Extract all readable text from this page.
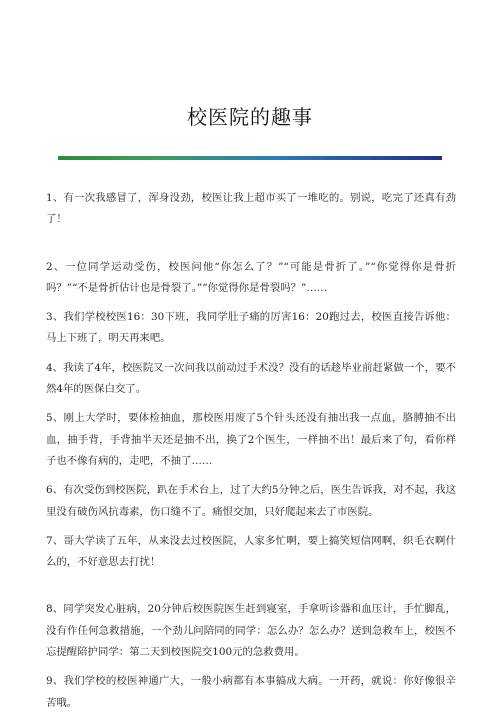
校医院的趣事

1、有一次我感冒了，浑身没劲，校医让我上超市买了一堆吃的。别说，吃完了还真有劲了！

2、一位同学运动受伤，校医问他“你怎么了？”“可能是骨折了。”“你觉得你是骨折吗？”“不是骨折估计也是骨裂了。”“你觉得你是骨裂吗？”……

3、我们学校校医16：30下班，我同学肚子痛的厉害16：20跑过去，校医直接告诉他：马上下班了，明天再来吧。

4、我读了4年，校医院又一次问我以前动过手术没？没有的话趁毕业前赶紧做一个，要不然4年的医保白交了。

5、刚上大学时，要体检抽血，那校医用废了5个针头还没有抽出我一点血，胳膊抽不出血，抽手背，手背抽半天还是抽不出，换了2个医生，一样抽不出！最后来了句，看你样子也不像有病的，走吧，不抽了……

6、有次受伤到校医院，趴在手术台上，过了大约5分钟之后，医生告诉我，对不起，我这里没有破伤风抗毒素，伤口缝不了。痛恨交加，只好爬起来去了市医院。

7、哥大学读了五年，从来没去过校医院，人家多忙啊，要上搞笑短信网啊，织毛衣啊什么的，不好意思去打扰！

8、同学突发心脏病，20分钟后校医院医生赶到寝室，手拿听诊器和血压计，手忙脚乱，没有作任何急救措施，一个劲儿问陪同的同学：怎么办？怎么办？送到急救车上，校医不忘提醒陪护同学：第二天到校医院交100元的急救费用。

9、我们学校的校医神通广大，一般小病都有本事搞成大病。一开药，就说：你好像很辛苦哦。
